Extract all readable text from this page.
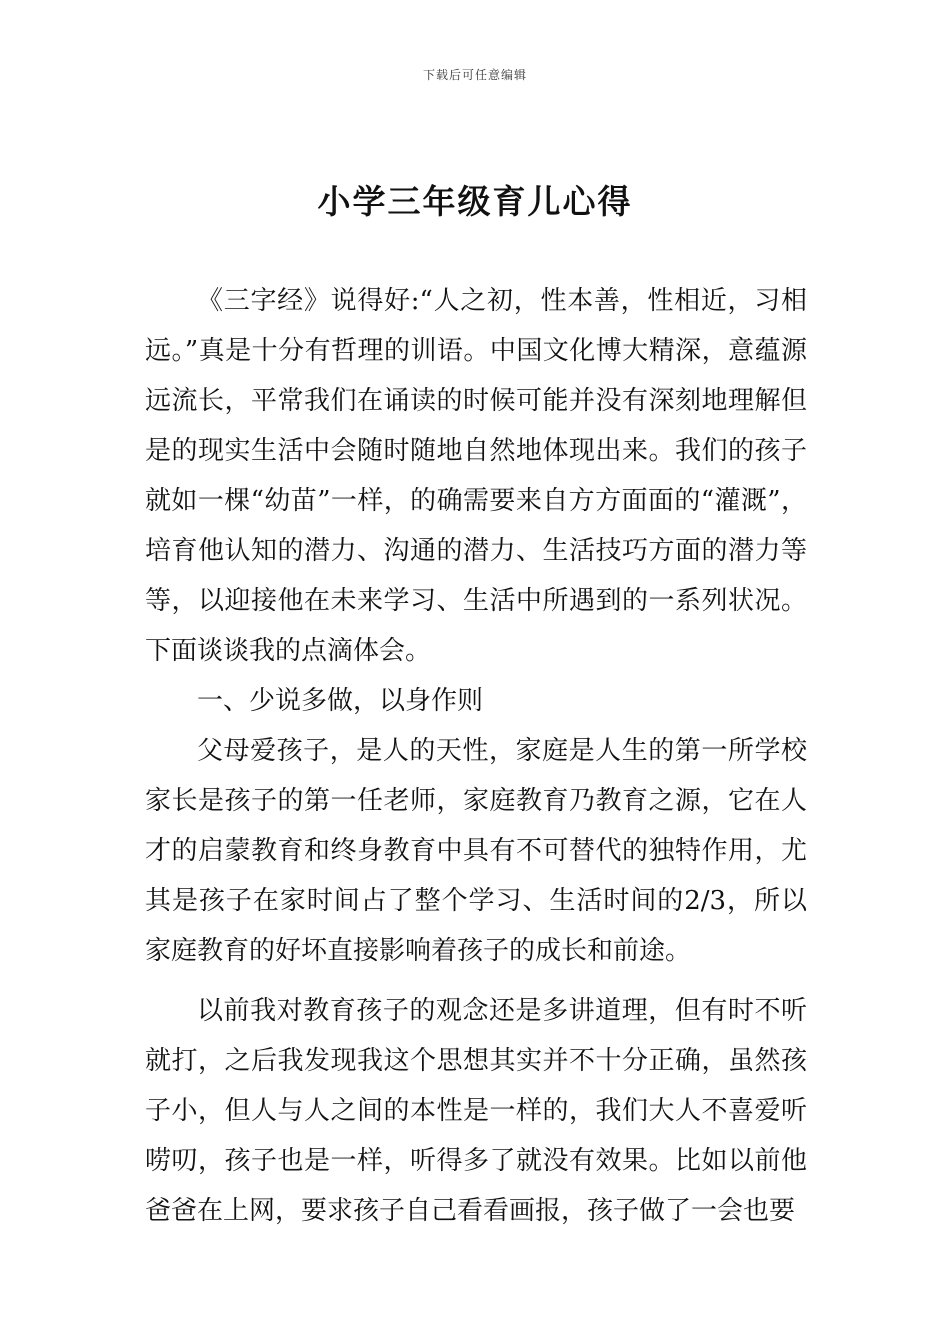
下载后可任意编辑
小学三年级育儿心得

《三字经》说得好:“人之初，性本善，性相近，习相远。”真是十分有哲理的训语。中国文化博大精深，意蕴源远流长，平常我们在诵读的时候可能并没有深刻地理解但是的现实生活中会随时随地自然地体现出来。我们的孩子就如一棵“幼苗”一样，的确需要来自方方面面的“灌溉”，培育他认知的潜力、沟通的潜力、生活技巧方面的潜力等等，以迎接他在未来学习、生活中所遇到的一系列状况。下面谈谈我的点滴体会。

一、少说多做，以身作则

父母爱孩子，是人的天性，家庭是人生的第一所学校家长是孩子的第一任老师，家庭教育乃教育之源，它在人才的启蒙教育和终身教育中具有不可替代的独特作用，尤其是孩子在家时间占了整个学习、生活时间的2/3，所以家庭教育的好坏直接影响着孩子的成长和前途。

以前我对教育孩子的观念还是多讲道理，但有时不听就打，之后我发现我这个思想其实并不十分正确，虽然孩子小，但人与人之间的本性是一样的，我们大人不喜爱听唠叨，孩子也是一样，听得多了就没有效果。比如以前他爸爸在上网，要求孩子自己看看画报，孩子做了一会也要
